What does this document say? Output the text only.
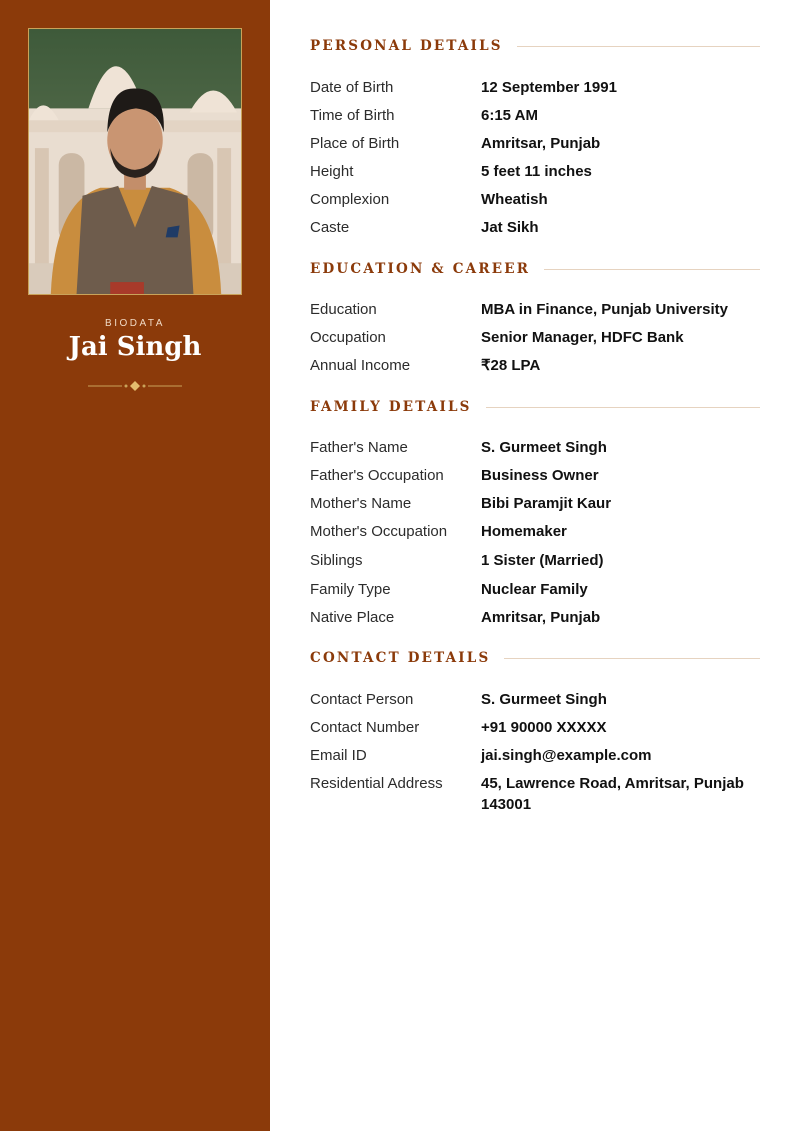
BIODATA
Jai Singh
PERSONAL DETAILS
Date of Birth	12 September 1991
Time of Birth	6:15 AM
Place of Birth	Amritsar, Punjab
Height	5 feet 11 inches
Complexion	Wheatish
Caste	Jat Sikh
EDUCATION & CAREER
Education	MBA in Finance, Punjab University
Occupation	Senior Manager, HDFC Bank
Annual Income	₹28 LPA
FAMILY DETAILS
Father's Name	S. Gurmeet Singh
Father's Occupation	Business Owner
Mother's Name	Bibi Paramjit Kaur
Mother's Occupation	Homemaker
Siblings	1 Sister (Married)
Family Type	Nuclear Family
Native Place	Amritsar, Punjab
CONTACT DETAILS
Contact Person	S. Gurmeet Singh
Contact Number	+91 90000 XXXXX
Email ID	jai.singh@example.com
Residential Address	45, Lawrence Road, Amritsar, Punjab 143001
